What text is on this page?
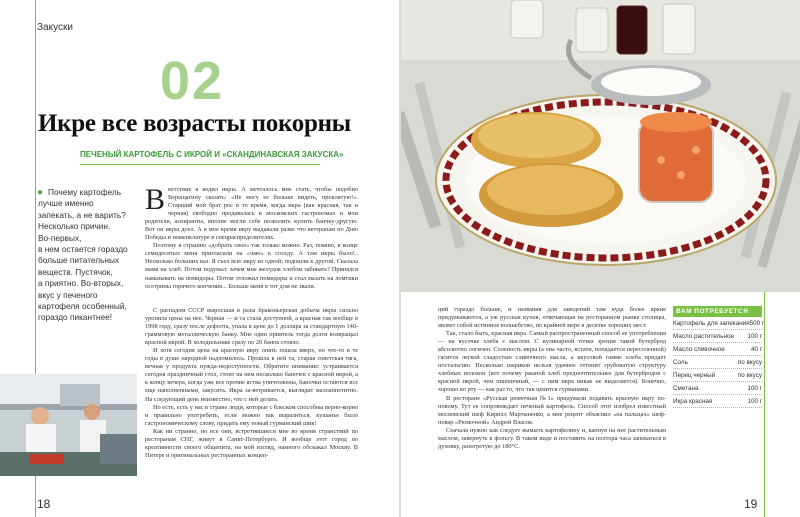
Закуски
02
Икре все возрасты покорны
ПЕЧЕНЫЙ КАРТОФЕЛЬ С ИКРОЙ И «СКАНДИНАВСКАЯ ЗАКУСКА»
● Почему картофель
лучше именно
запекать, а не варить?
Несколько причин.
Во-первых,
в нем остается гораздо
больше питательных
веществ. Пустячок,
а приятно. Во-вторых,
вкус у печеного
картофеля особенный,
гораздо пикантнее!
В ветствие я водил икры. А мечталось мне стать, чтобы подобно Верещагину сказать: «Не могу ее больше видеть, проклятую!». Старший мой брат рос в то время, когда икра (как красная, так и черная) свободно продавалась в московских гастрономах и мои родители, аспиранты, вполне могли себе позволить купить банчку-другую. Вот он икры доел. А в мое время икру выдавали разве что ветеранам по Дню Победы и номенклатуре в спецраспределителях.

Поэтому я страшно «добрать свое» так только можно. Раз, помню, в конце семидесятых меня пригласили на «чаю» к соседу. А там икры было!.. Несколько больших ваз. Я съел всю икру из одной; подошли к другой. Сказала мама на хлеб. Потом подумал: зачем мне желудок хлебом забивать? Принялся намазывать на помидоры. Потом отложил помидоры и стал мазать на ломтики осетрины горячего копчения... Больше меня в тот дом не звали.

С распадом СССР выросшая в разы браконьерская добыча икры сильно уронила цены на нее. Черная — и та стала доступной, а красная так вообще в 1998 году, сразу после дефолта, упала в цене до 1 доллара за стандартную 140-граммовую металлическую банку. Мне один приятель тогда долги возвращал красной икрой. В холодильнике сразу по 20 банок стояло.

И хотя сегодня цена на красную икру опять пошла вверх, но что-то в те годы в душе народной надломилось. Прошла к ней та, старая советская тяга, вечная у продукта нужда-недоступности. Обратите внимание: устраивается сегодня праздничный стол, стоит на нем несколько баночек с красной икрой, а к концу вечера, когда уже все прочие яства уничтожены, баночки остаются все еще наполненными, закусить. Икра за-ветривается, выглядит малоаппетитно. На следующий день неизвестно, что с ней делать.

Но есть, есть у нас в стране люди, которые с блеском способны верно-корно и правильно употребить, если можно так выразиться, кушанье было гастрономическому слову, придать ему новый гурманский шик!

Как ни странно, но все они, встретившиеся мне во время странствий по ресторанам СНГ, живут в Санкт-Петербурге. И вообще этот город по креативности своего общепита, на мой взгляд, намного обскакал Москву. В Питере и оригинальных ресторанных концеп-

18

ций гораздо больше, и названия для заведений там куда более яркие придумываются, а уж русская кухня, отвечающая на ресторанном рынке столицы, являет собой истинное волшебство, по крайней мере в десятке хороших мест.

Так, стало быть, красная икра. Самый распространенный способ ее употребления — на кусочке хлеба с маслом. С кулинарной точки зрения такой бутерброд абсолютно логичен. Соленость икры (а она часто, кстати, попадается пересоленной) гасится легкой сладостью сливочного масла, а вкусовой гамме хлеба придает ностальгию. Несколько шариков нельзя удачнее оттенит грубоватую структуру хлебных волокон (вот почему ржаной хлеб предпочтительнее для бутербродов с красной икрой, чем пшеничный, — с ним икра никак не выделяется). Конечно, хорошо во рту — как раз то, что так ценится гурманами.

В ресторане «Русская рюмочная №1» придумали подавать красную икру по-новому. Тут ее сопровождает печеный картофель. Способ этот изобрел известный московский шеф Кирилл Мартыненко, а мне рецепт объяснил «на пальцах» шеф-повар «Рюмочной» Андрей Власов.

Сначала нужно как следует вымыть картофелину и, капнув на нее растительным маслом, завернуть в фольгу. В таком виде и поставить на полтора часа запекаться в духовку, разогретую до 180°С.

ВАМ ПОТРЕБУЕТСЯ
Картофель для запекания 500 г
Масло растительное 100 г
Масло сливочное	40 г
Соль	по вкусу
Перец черный	по вкусу
Сметана	100 г
Икра красная	100 г
19
